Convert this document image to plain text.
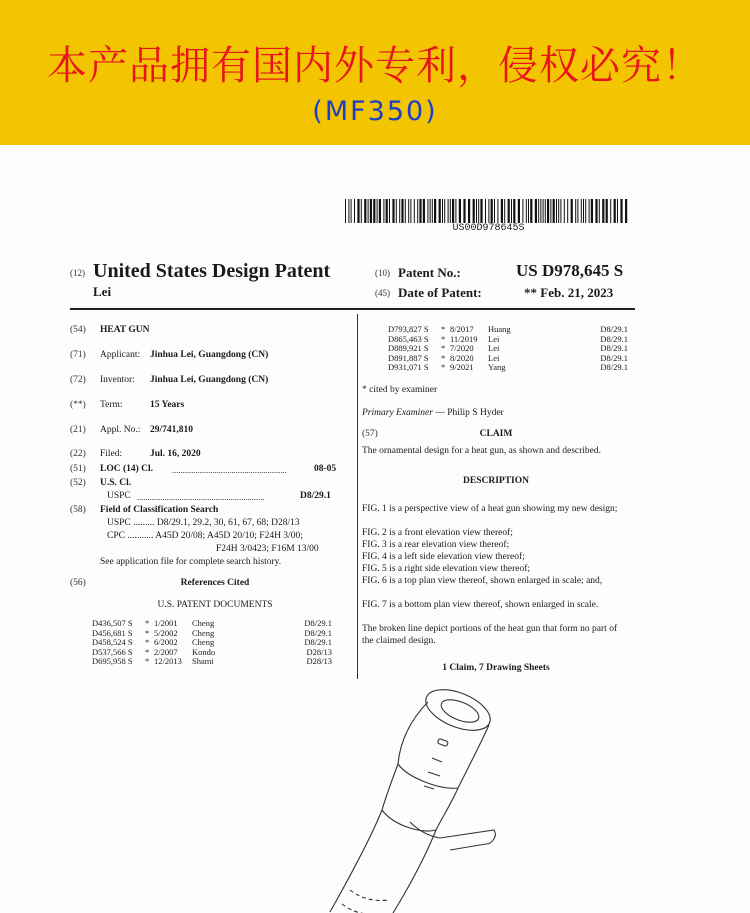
本产品拥有国内外专利，侵权必究！
(MF350)
US00D978645S
(12) United States Design Patent
Lei
(10) Patent No.:	US D978,645 S
(45) Date of Patent:	** Feb. 21, 2023
(54) HEAT GUN
(71) Applicant: Jinhua Lei, Guangdong (CN)
(72) Inventor: Jinhua Lei, Guangdong (CN)
(**) Term:	15 Years
(21) Appl. No.: 29/741,810
(22) Filed:	Jul. 16, 2020
(51) LOC (14) Cl. ......................................................	08-05
(52) U.S. Cl.
USPC ............................................................	D8/29.1
(58) Field of Classification Search
USPC ......... D8/29.1, 29.2, 30, 61, 67, 68; D28/13
CPC ........... A45D 20/08; A45D 20/10; F24H 3/00;
F24H 3/0423; F16M 13/00
See application file for complete search history.
(56)	References Cited
U.S. PATENT DOCUMENTS
D436,507 S * 1/2001 Cheng	D8/29.1
D456,681 S * 5/2002 Cheng	D8/29.1
D458,524 S * 6/2002 Cheng	D8/29.1
D537,566 S * 2/2007 Kondo	D28/13
D695,958 S * 12/2013 Shami	D28/13
D793,827 S * 8/2017 Huang	D8/29.1
D865,463 S * 11/2019 Lei	D8/29.1
D889,921 S * 7/2020 Lei	D8/29.1
D891,887 S * 8/2020 Lei	D8/29.1
D931,071 S * 9/2021 Yang	D8/29.1
* cited by examiner
Primary Examiner — Philip S Hyder
(57)	CLAIM
The ornamental design for a heat gun, as shown and described.
DESCRIPTION
FIG. 1 is a perspective view of a heat gun showing my new design;
FIG. 2 is a front elevation view thereof;
FIG. 3 is a rear elevation view thereof;
FIG. 4 is a left side elevation view thereof;
FIG. 5 is a right side elevation view thereof;
FIG. 6 is a top plan view thereof, shown enlarged in scale; and,
FIG. 7 is a bottom plan view thereof, shown enlarged in scale.
The broken line depict portions of the heat gun that form no part of the claimed design.
1 Claim, 7 Drawing Sheets
